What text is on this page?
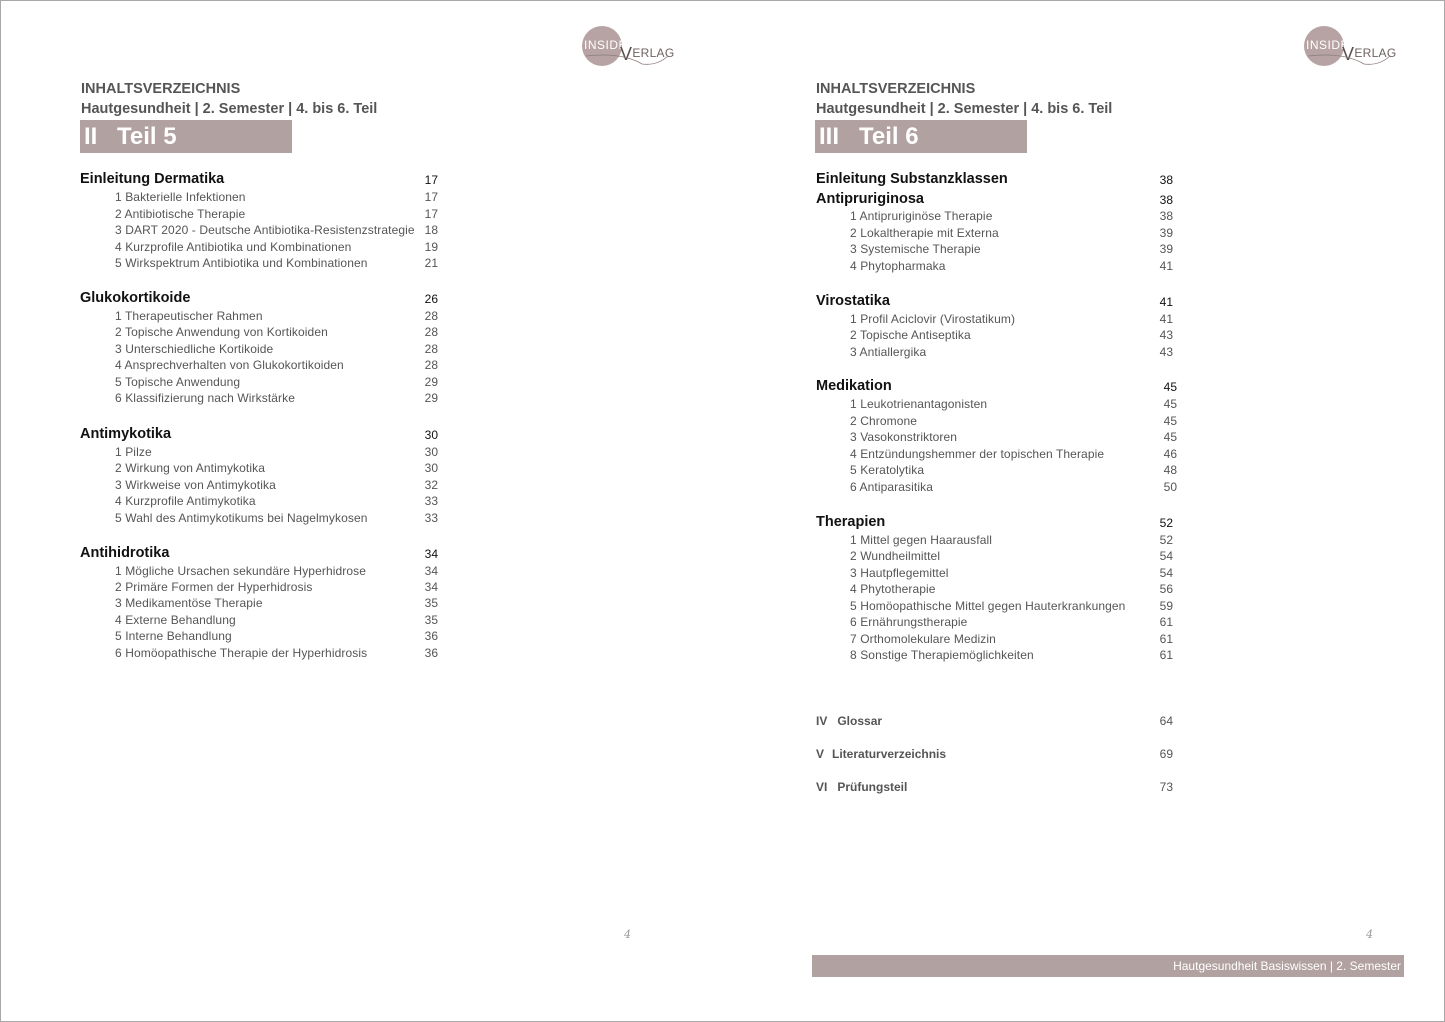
INSIDE
VERLAG
INHALTSVERZEICHNIS
Hautgesundheit | 2. Semester | 4. bis 6. Teil
II Teil 5
Einleitung Dermatika	17
1 Bakterielle Infektionen	17
2 Antibiotische Therapie	17
3 DART 2020 - Deutsche Antibiotika-Resistenzstrategie 18
4 Kurzprofile Antibiotika und Kombinationen	19
5 Wirkspektrum Antibiotika und Kombinationen	21
Glukokortikoide	26
1 Therapeutischer Rahmen	28
2 Topische Anwendung von Kortikoiden	28
3 Unterschiedliche Kortikoide	28
4 Ansprechverhalten von Glukokortikoiden	28
5 Topische Anwendung	29
6 Klassifizierung nach Wirkstärke	29
Antimykotika	30
1 Pilze	30
2 Wirkung von Antimykotika	30
3 Wirkweise von Antimykotika	32
4 Kurzprofile Antimykotika	33
5 Wahl des Antimykotikums bei Nagelmykosen	33
Antihidrotika	34
1 Mögliche Ursachen sekundäre Hyperhidrose	34
2 Primäre Formen der Hyperhidrosis	34
3 Medikamentöse Therapie	35
4 Externe Behandlung	35
5 Interne Behandlung	36
6 Homöopathische Therapie der Hyperhidrosis	36
4
INSIDE
VERLAG
INHALTSVERZEICHNIS
Hautgesundheit | 2. Semester | 4. bis 6. Teil
III Teil 6
Einleitung Substanzklassen	38
Antipruriginosa	38
1 Antipruriginöse Therapie	38
2 Lokaltherapie mit Externa	39
3 Systemische Therapie	39
4 Phytopharmaka	41
Virostatika	41
1 Profil Aciclovir (Virostatikum)	41
2 Topische Antiseptika	43
3 Antiallergika	43
Medikation	45
1 Leukotrienantagonisten	45
2 Chromone	45
3 Vasokonstriktoren	45
4 Entzündungshemmer der topischen Therapie	46
5 Keratolytika	48
6 Antiparasitika	50
Therapien	52
1 Mittel gegen Haarausfall	52
2 Wundheilmittel	54
3 Hautpflegemittel	54
4 Phytotherapie	56
5 Homöopathische Mittel gegen Hauterkrankungen	59
6 Ernährungstherapie	61
7 Orthomolekulare Medizin	61
8 Sonstige Therapiemöglichkeiten	61
IV Glossar	64
V Literaturverzeichnis	69
VI Prüfungsteil	73
4
Hautgesundheit Basiswissen | 2. Semester
